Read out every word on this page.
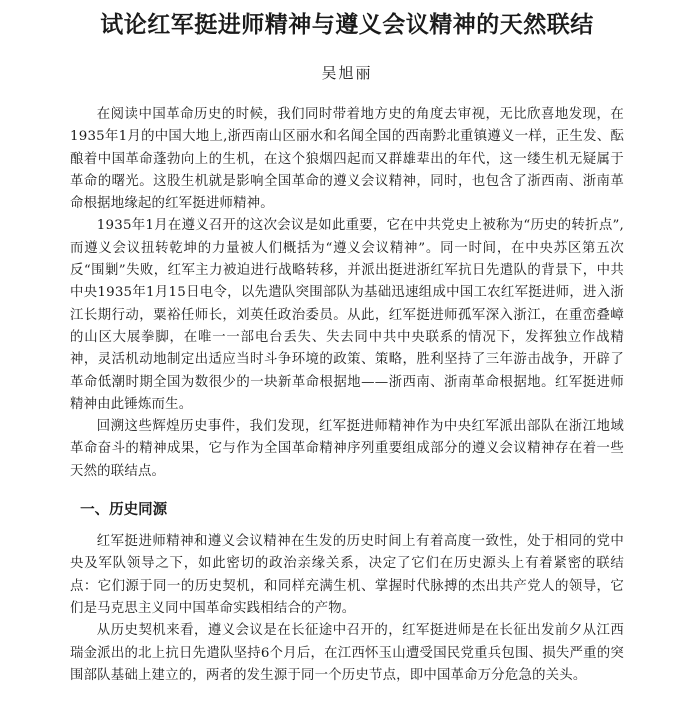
试论红军挺进师精神与遵义会议精神的天然联结
吴旭丽

在阅读中国革命历史的时候，我们同时带着地方史的角度去审视，无比欣喜地发现，在1935年1月的中国大地上,浙西南山区丽水和名闻全国的西南黔北重镇遵义一样，正生发、酝酿着中国革命蓬勃向上的生机，在这个狼烟四起而又群雄辈出的年代，这一缕生机无疑属于革命的曙光。这股生机就是影响全国革命的遵义会议精神，同时，也包含了浙西南、浙南革命根据地缘起的红军挺进师精神。

1935年1月在遵义召开的这次会议是如此重要，它在中共党史上被称为“历史的转折点”,而遵义会议扭转乾坤的力量被人们概括为“遵义会议精神”。同一时间，在中央苏区第五次反“围剿”失败，红军主力被迫进行战略转移，并派出挺进浙红军抗日先遣队的背景下，中共中央1935年1月15日电令，以先遣队突围部队为基础迅速组成中国工农红军挺进师，进入浙江长期行动，粟裕任师长，刘英任政治委员。从此，红军挺进师孤军深入浙江，在重峦叠嶂的山区大展拳脚，在唯一一部电台丢失、失去同中共中央联系的情况下，发挥独立作战精神，灵活机动地制定出适应当时斗争环境的政策、策略，胜利坚持了三年游击战争，开辟了革命低潮时期全国为数很少的一块新革命根据地——浙西南、浙南革命根据地。红军挺进师精神由此锤炼而生。

回溯这些辉煌历史事件，我们发现，红军挺进师精神作为中央红军派出部队在浙江地域革命奋斗的精神成果，它与作为全国革命精神序列重要组成部分的遵义会议精神存在着一些天然的联结点。

一、历史同源

红军挺进师精神和遵义会议精神在生发的历史时间上有着高度一致性，处于相同的党中央及军队领导之下，如此密切的政治亲缘关系，决定了它们在历史源头上有着紧密的联结点：它们源于同一的历史契机，和同样充满生机、掌握时代脉搏的杰出共产党人的领导，它们是马克思主义同中国革命实践相结合的产物。

从历史契机来看，遵义会议是在长征途中召开的，红军挺进师是在长征出发前夕从江西瑞金派出的北上抗日先遣队坚持6个月后，在江西怀玉山遭受国民党重兵包围、损失严重的突围部队基础上建立的，两者的发生源于同一个历史节点，即中国革命万分危急的关头。
